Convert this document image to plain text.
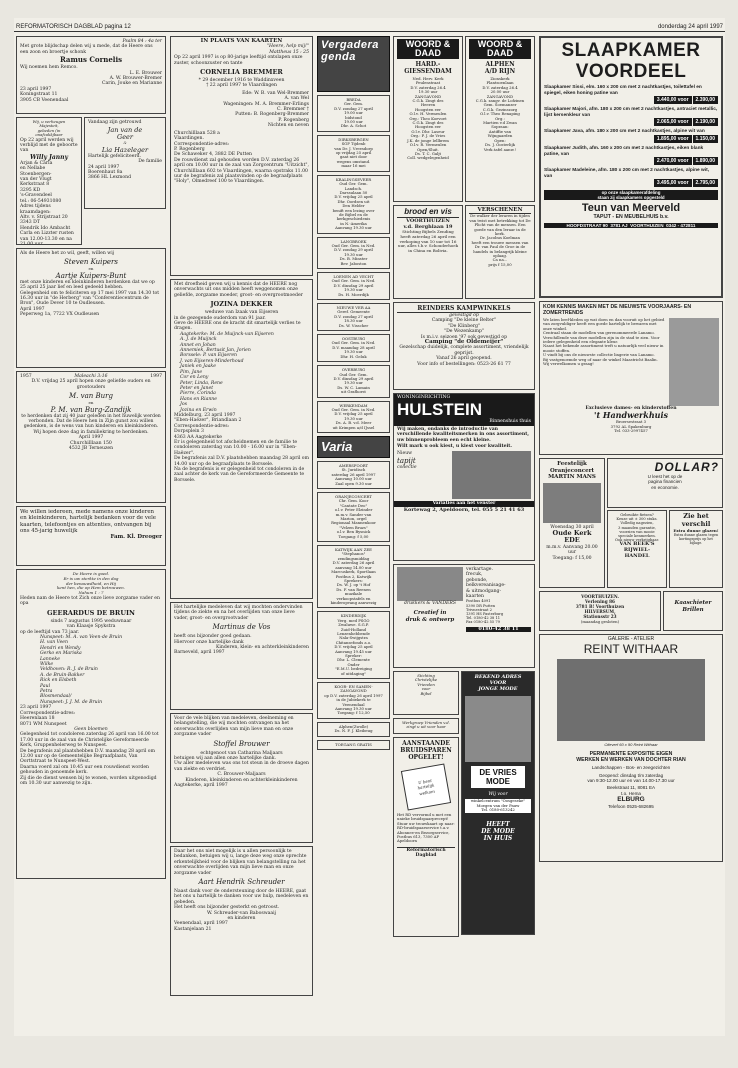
REFORMATORISCH DAGBLAD pagina 12	donderdag 24 april 1997
Psalm 84 : 4a ter
Met grote blijdschap delen wij u mede, dat de Heere ons een zoon en broertje schonk
Ramus Cornelis
Wij noemen hem Remco.
L. E. Brouwer
A. W. Brouwer-Bremer
Carin, Jouke en Marianne
23 april 1997
Koningstraat 11
3905 CB Veenendaal
Wij, u verheugen
Majesteit,
gebeden (in
onafzakkjbaar
Op 22 april werden wij verblijd met de geboorte van
Willy Janny
Arjan & Carla
en Nellabe
Stoenbergen-
van der Vlugt
Kerkstraat 8
3295 KD
's-Gravendeel
tel.: 06-54931080
Adres tijdens kraamdagen:
Altv. v. Strijstraat 20
3343 DT
Hendrik Ido Ambacht
Carla en Lizzter rusten van 12.00-13.30 en na 21.00 uur.
Vandaag zijn getrouwd
Jan van de
Geer
&
Lia Hazeleger
Hartelijk gefeliciteerd.
De familie
24 april 1997
Boerenhaut 8a
3866 HL Lexmond
Als de Heere het zo wil, geeft, willen wij
Steven Kuipers
en
Aartje Kuipers-Bunt
met onze kinderen en kleinkinderen herdenken dat we op 25 april 25 jaar lief en leed gedeeld hebben.
Gelegenheid om te feliciteren op 17 mei 1997 van 14.30 tot 16.30 uur in "de Herberg" van "Conferentiecentrum de Bron", Oude Dever 10 te Oudleusen.
April 1997
Peperweg 1a, 7722 VX Oudleusen
1957	Maleachi 3:16	1997
D.V. vrijdag 25 april hopen onze geliefde ouders en grootouders
M. van Burg
en
P. M. van Burg-Zandijk
te herdenken dat zij 40 jaar geleden in het huwelijk werden verbonden. Dat de Heere hen in Zijn gunst zou willen gedenken, is de wens van hun kinderen en kleinkinderen.
Wij hopen deze dag in familiekring te herdenken.
April 1997
Churchilllaan 150
4532 JB Terneuzen
We willen iedereen, mede namens onze kinderen en kleinkinderen, hartelijk bedanken voor de vele kaarten, telefoontjes en attenties, ontvangen bij ons 45-jarig huwelijk
Fam. Kl. Dreoger
De Heere is goed.
Er is uw sterkte in den dag
der benauwdheid, en Hij
kent hen, die op Hem betrouwen.
Nahum 1 : 7
Heden nam de Heere tot Zich onze lieve zorgzame vader en opa
GEERARDUS DE BRUIN
sinds 7 augustus 1995 weduwnaar
van Klaasje Spykstra
op de leeftijd van 73 jaar.
Nunspeet: M. A. van Veen-de Bruin
H. van Veen
Hendri en Wendy
Gerko en Mariska
Lanneke
Wilke
Veldhoven: R. J. de Bruin
A. de Bruin-Bakker
Rick en Elsbeth
Paul
Petra
Blosmendaal/
Nunspeet: J. J. M. de Bruin
23 april 1997
Correspondentie-adres:
Heerenlaan 18
8071 WM Nunspeet
Geen bloemen
Gelegenheid tot condoleren zaterdag 26 april van 16.00 tot 17.00 uur in de zaal van de Christelijke Gereformeerde Kerk, Gruppenhelerweg te Nunspeet.
De begrafenis zal plaatshebben D.V. maandag 28 april om 12.00 uur op de Gemeentelijke Begraafplaats, Van Oorttstraat te Nunspeet-West.
Daarna voerd zal om 10.45 uur een rouwdienst worden gehouden in genoemde kerk.
Zij die de dienst wensen bij te wonen, worden uitgenodigd om 10.30 uur aanwezig te zijn.
IN PLAATS VAN KAARTEN
"Heere, help mij!"
Mattheus 15 : 25
Op 22 april 1997 is op 80-jarige leeftijd ontslapen onze zuster, schoonzuster en tante
CORNELIA BREMMER
* 29 december 1916 te Waddinxveen
† 22 april 1997 te Vlaardingen
Ede: W. B. van Wel-Bremmer
A. van Wel
Wageningen: M. A. Bremmer-Erlings
C. Bremmer †
Putten: B. Rogenberg-Bremmer
P. Rogenberg
Nichten en neven
Churchilllaan 528 a
Vlaardingen.
Correspondentie-adres:
P. Rogenberg
De Schaweker 4, 3882 DE Putten
De rouwdienst zal gehouden worden D.V. zaterdag 26 april om 10.00 uur in de zaal van Zorgcentrum "Uitzicht", Churchilllaan 602 te Vlaardingen, waarna opstraks 11.00 uur de begrafenis zal plaatsvinden op de begraafplaats "Holy", Olmedreef 100 te Vlaardingen.
Met droefheid geven wij u kennis dat de HEERE nog onverwachts uit ons midden heeft weggenomen onze geliefde, zorgzame moeder, groot- en overgrootmoeder
JOZINA DEKKER
weduwe van Izaak van Eijseren
in de gezegende ouderdom van 91 jaar.
Geve de HEERE ons de kracht dit smartelijk verlies te dragen.
Aagtekerke: M. de Muijnck-van Eijseren
A. J. de Muijnck
Annet en Johan
Annemiek, Bertusit Jan, Jorien
Borssele: P. van Eijseren
J. van Eijseren-Minderhoud
Janiek en Jaake
Pim, Jane
Cor en Leny
Peter, Linda, Rene
Peter en Janet
Pierre, Corinda
Hans en Rianne
Jos
Jozina en Erwin
Middelburg, 23 april 1997
"Eben-Haëzer", Briandlaan 2
Correspondentie-adres:
Dorpsplein 3
4363 AA Aagtekerke
Er is gelegenheid tot afscheidnemen en de familie te condoleren zaterdag van 10.00 - 16.00 uur in "Eben-Haëzer".
De begrafenis zal D.V. plaatshebben maandag 28 april om 14.00 uur op de begraafplaats te Borssele.
Na de begrafenis is er gelegenheid tot condoleren in de zaal achter de kerk van de Gereformeerde Gemeente te Borssele.
Het hartelijke medeleven dat wij mochten ondervinden tijdens de ziekte en na het overlijden van onze lieve vader, groot- en overgrootvader
Martinus de Vos
heeft ons bijzonder goed gedaan.
Hiervoor onze hartelijke dank
Kinderen, klein- en achterkleinkinderen
Barneveld, april 1997
Voor de vele blijken van medeleven, deelneming en belangstelling, die wij mochten ontvangen na het onverwachts overlijden van mijn lieve man en onze zorgzame vader
Stoffel Brouwer
echtgenoot van Catharina Maljaars
betuigen wij aan allen onze hartelijke dank.
Uw aller medeleven was ons tot steun in de droeve dagen van ziekte en verdriet.
C. Brouwer-Maljaars
Kinderen, kleinkinderen en achterkleinkinderen
Aagtekerke, april 1997
Daar het ons niet mogelijk is u allen persoonlijk te bedanken, betuigen wij u, lange deze weg onze oprechte erkentelijkheid voor de blijken van belangstelling na het onverwachte overlijden van mijn lieve man en onze zorgzame vader
Aart Hendrik Schreuder
Naast dank voor de ondersteuning door de HEERE, gaat het ons u hartelijk te danken voor uw hulp, medeleven en gebeden.
Het heeft ons bijzonder gesterkt en getroost.
W. Schreuder-van Baboswaaij
en kinderen
Veenendaal, april 1997
Kastanjelaan 21
Vergaderagenda
BREDA
Ger. Gem.
D.V. zondag 27 april
19.00 uur
bidstond
19.00 uur
Dhr. A. Schot
DIRKSBERGEN
SGP Tijdenb
van Dr. J. Vreesdorp
op vrijdag 25 april
gaat niet door
wegens omstand.
maar 16 mei
KRALINGSEVEER
Oud Ger. Gem.
Landsch.
Darssulaan 50
D.V. vrijdag 25 april
Dhr. Oordsen uit
Den Helder
benift een lezing over
de Bijbel en de
kerkgeschiedenis
in N.-Amerika
Aanvang 19.30 uur
LANGBROEK
Oud Ger. Gem. in Ned.
D.V. zondag 29 april
19.30 uur
Ds. B. Minster
Bev. Jaboston
LOENEN AD VECHT
Oud Ger. Gem. in Ned.
D.V. dinsdag 29 april
19.30 uur
Ds. H. Moerdijk
NIEUWE VER AA
Geref. Gemeente
D.V. zondag 27 april
18.30 uur
Ds. W. Visscher
OOSTBURG
Oud Ger. Gem. in Ned.
D.V. maandag 28 april
19.30 uur
Dhr. H. Geluk
OVERBURG
Oud Ger. Gem.
D.V. dinsdag 29 april
19.30 uur
Ds. W. C. Lamain
uit Grafhorst
WERKENDAM
Oud Ger. Gem. in Ned.
D.V. vrijdag 25 april
19.30 uur
Ds. A. B. v.d. Meer
uit Krimpen a/d IJssel
Varia
AMERSFOORT
St. Juridisch
zaterdag 26 april 1997
Aanvang 10.00 uur
Zaal open 9.30 uur
ORANJECONCERT
Chr. Gem. Koor
"Cantate Deo"
o.l.v. Peter Elzinder
m.m.v. Sander van
Marion, orgel
Regionaal Mannenkoor
"Velzen Bruzs"
o.l.v. Ben Bysnick
Toegang: f 5,00
KATWIJK AAN ZEE
"Stephanos"
zendingsmiddag
D.V. zaterdag 26 april
aanvang 14.00 uur
Marcuskerk, Sportlaan
Postbus 2, Katwijk
Sprekers:
Ds. W. J. op 't Hof
Ds. F. van Reenen
muzikale
verkoopstafels en
kinderopvang aanwezig
KINDERDIJK
Verg. med PSGO
Zwaluwe. S.G.P.
Zuid-Holland
Lenzenhebbende
Nala-Swijgstra
Chitansefonds a.o.
D.V. vrijdag 25 april
Aanvang 19.45 uur
Spreker:
Dhr. L. Clemente
Onder
"E.M.U. bedreiging
of uitdaging"
KOOR- EN SAMEN-
ZANGAVOND
op D.V. zaterdag 26 april 1997
in de Jubiekerk te
Veenendaal
Aanvang 19.30 uur
Toegang: f 12,50
Alphen(Zwolle)
Ds. N. F. J. Kleibeug
TOEGANG GRATIS
WOORD & DAAD
HARD.-
GIESSENDAM
Ned. Herv. Kerk
Peulenstraat
D.V. zaterdag 26.4
19.30 uur
ZANGAVOND
C.G.k. Zingt des
Heeren
Hoogsten eer
O.l.v. H. Vermeulen
Org.: Theo Koevoet
C.G.k. Zingt des
Hoogsten eer
O.l.v. Dhr. Laseur
Org.: P. J. de Vries
J.K. de jonge Iellbrem
O.l.v. R. Vermeulen
Open/Sluit.
Ds. T. C. Galjt
Coll. wedgelegenheid
WOORD & DAAD
ALPHEN
A/D RIJN
Zionskerk
Plantsoenlaan
D.V. zaterdag 26.4
20.00 uur
ZANGAVOND
C.G.k. zangv. de Lofzinen
Gem. Soemanzer
C.G.k. Gezinszorg
O.l.v. Theo Renaping
Org.:
Martien v.d Zwan
Sopraan:
Antiffie van
Wijngaarden
Open:
Ds. J. Oosterlijk
Verk.tafel aanw.!
brood en vis
VOORTHUIZEN
v.d. Berghlaan 19
Stichting Bijbels Zending heeft zaterdag 26 april een verkoping van 10 uur tot 16 uur, alles t.b.v. Schouderhoek in China en Bolivia.
VERSCHENEN
De walker der leraren in tijden van twist met betrekking tot De Plicht van de mensen. Een goede van den leraar in de kerk.
Dr. Jacobus Koelman
heeft een trouwe mensen van Dr. van Paul de Groe in de handels in belangrijk kleine oplaag.
Ca na...
prijs f 15,00
REINDERS KAMPWINKELS
gevestigd op
Camping "De kleine Belter"
"De Klinberg"
"De Wezenkamp"
Is m.i.v. seizoen '97 ook gevestigd op
Camping "de Oldemeijer"
Gezelschap duidelijk, complete assortiment, vriendelijk geprijst.
Vanaf 26 april geopend.
Voor info of bestellingen: 0523-26 61 77
WONINGINRICHTING
HULSTEIN
Binnenshuis thuis
Wij maken, ondanks de introductie van verschillende kwaliteitsmerken in ons assortiment, uw binnenprobleem een echt kleine.
Wilt mark u ook kiest, u kiest voor kwaliteit.
Nieuw
tapijt
collectie
Variaties aan het venster
Kortewag 2, Apeldoorn, tel. 055 5 21 41 63
drukkers & VANDERS
Creatief in
druk & ontwerp
verkartage.
frecuk,
gebonde,
belkvereanisage-
& uitmodgang-
kaarten
Postbus 4091
5390 DR Putten
Trivnestraat 2
1391 HS Pasterburg
Tel. 0180-42 38 11
Fax 0180-42 55 79
0180-42 38 11
Stichting
Christelijke
Vrienden
voor
Bijbel
Werkgroep Vrienden v.d.
zingt u uit voor haar
AANSTAANDE
BRUIDSPAREN
OPGELET!
U bent
hartelijk
welkom
Het RD vervormd u met een unieke bruidspaarprecept! Stuur uw trouwkaart op naar: RD-bruidspaarservice t.a.v. Abonnee-en Bezorgservice, Postbus 613, 7300 AP Apeldoorn
Reformatorisch Dagblad
BEKEND ADRES
VOOR
JONGE MODE
DE VRIES MODE
Wij voor
winkelcentrum "Oosgeseke"
Moegen van der Pauw
Tel. 0180-613242
HEEFT
DE MODE
IN HUIS
SLAAPKAMER VOORDEEL
Slaapkamer Sissi, elm. 160 x 200 cm met 2 nachtkastjes, toilettafel en spiegel, eiken honing patine van
3.440,00 voor	2.390,00
Slaapkamer Majori, afm. 180 x 200 cm met 2 nachtkastjes, antraciet metallic, lijst kersenkleur van
2.065,00 voor	2.190,00
Slaapkamer Java, afm. 180 x 200 cm met 2 nachtkastjes, alpine wit van
1.895,00 voor	1.150,00
Slaapkamer Judith, afm. 160 x 200 cm met 2 nachtkastjes, eiken blank patine, van
2.470,00 voor	1.890,00
Slaapkamer Madeleine, afm. 180 x 200 cm met 2 nachtkastjes, alpine wit, van
3.495,00 voor	2.795,00
op onze slaapkamerafdeling
staan zij slaapkamers opgesteld
Teun van Meerveld
TAPIJT - EN MEUBELHUIS b.v.
HOOFDSTRAAT 90  3781 AJ  VOORTHUIZEN  0342 - 472811
KOM KENNIS MAKEN MET DE NIEUWSTE VOORJAARS- EN ZOMERTRENDS
We laten bref-kleden op wat doen en dan vooruit op het gebied van zorgvuldiger heeft een goede hartelijk te bewaren met onze winkel.
Centraal staan de modellen van gerenommeerde Lanamo. Verschillende van deze modellen zijn in de stad te zien. Voor iedere gelegenheid een elegante kleur.
Naast het bekende assortiment treft u natuurlijk veel nieuw in mooie stoffen.
U vindt bij ons de nieuwste collectie lingerie van Lanamo.
Bij vastgenoemde weg of naar de winkel Maastricht Baalin.
Wij verwelkomen u graag!
Exclusieve dames- en kinderstoffen
't Handwerkhuis
Broersestraat 3
3792 AL Spakenburg
Tel. 033-2997457
Feestelijk
Oranjeconcert
MARTIN MANS
Woensdag 30 april
Oude Kerk
EDE
m.m.v. Aanvang 20.00 uur
Toegang: f 15,00
DOLLAR?
U leest het op de
pagina financien
en economie.
Gebruikte fietsen?
Keuze uit ± 300 stuks.
Volledig nagezien,
3 maanden garantie,
voorzien van mooie
speciale kenmerken.
Ook nieuw verkrijgbaar.
VAN BEEK'S
RIJWIEL-
HANDEL
Zie het
verschil
Extra dunne glazen!
Extra dunne glazen tegen
kortingsprijs op het bijlage.
VOORTHUIZEN.
Verlening 86
3781 B! Voorthuizen
HILVERSUM,
Stationsstr 23
(maandag gesloten)
Kaaschieter
Brillen
GALERIE - ATELIER
REINT WITHAAR
Olieverf 60 x 90 Reint Withaar
PERMANENTE EXPOSITIE EIGEN
WERKEN EN WERKEN VAN DOCHTER RIAN
Landschappen - Bos- en zeegezichten
Geopend: dinsdag t/m zaterdag
van 9:30-12.00 uur en van 14.00-17.30 uur
Beekstraat 11, 8081 EA
t.o. Hema
ELBURG
Telefoon 0525-682695
